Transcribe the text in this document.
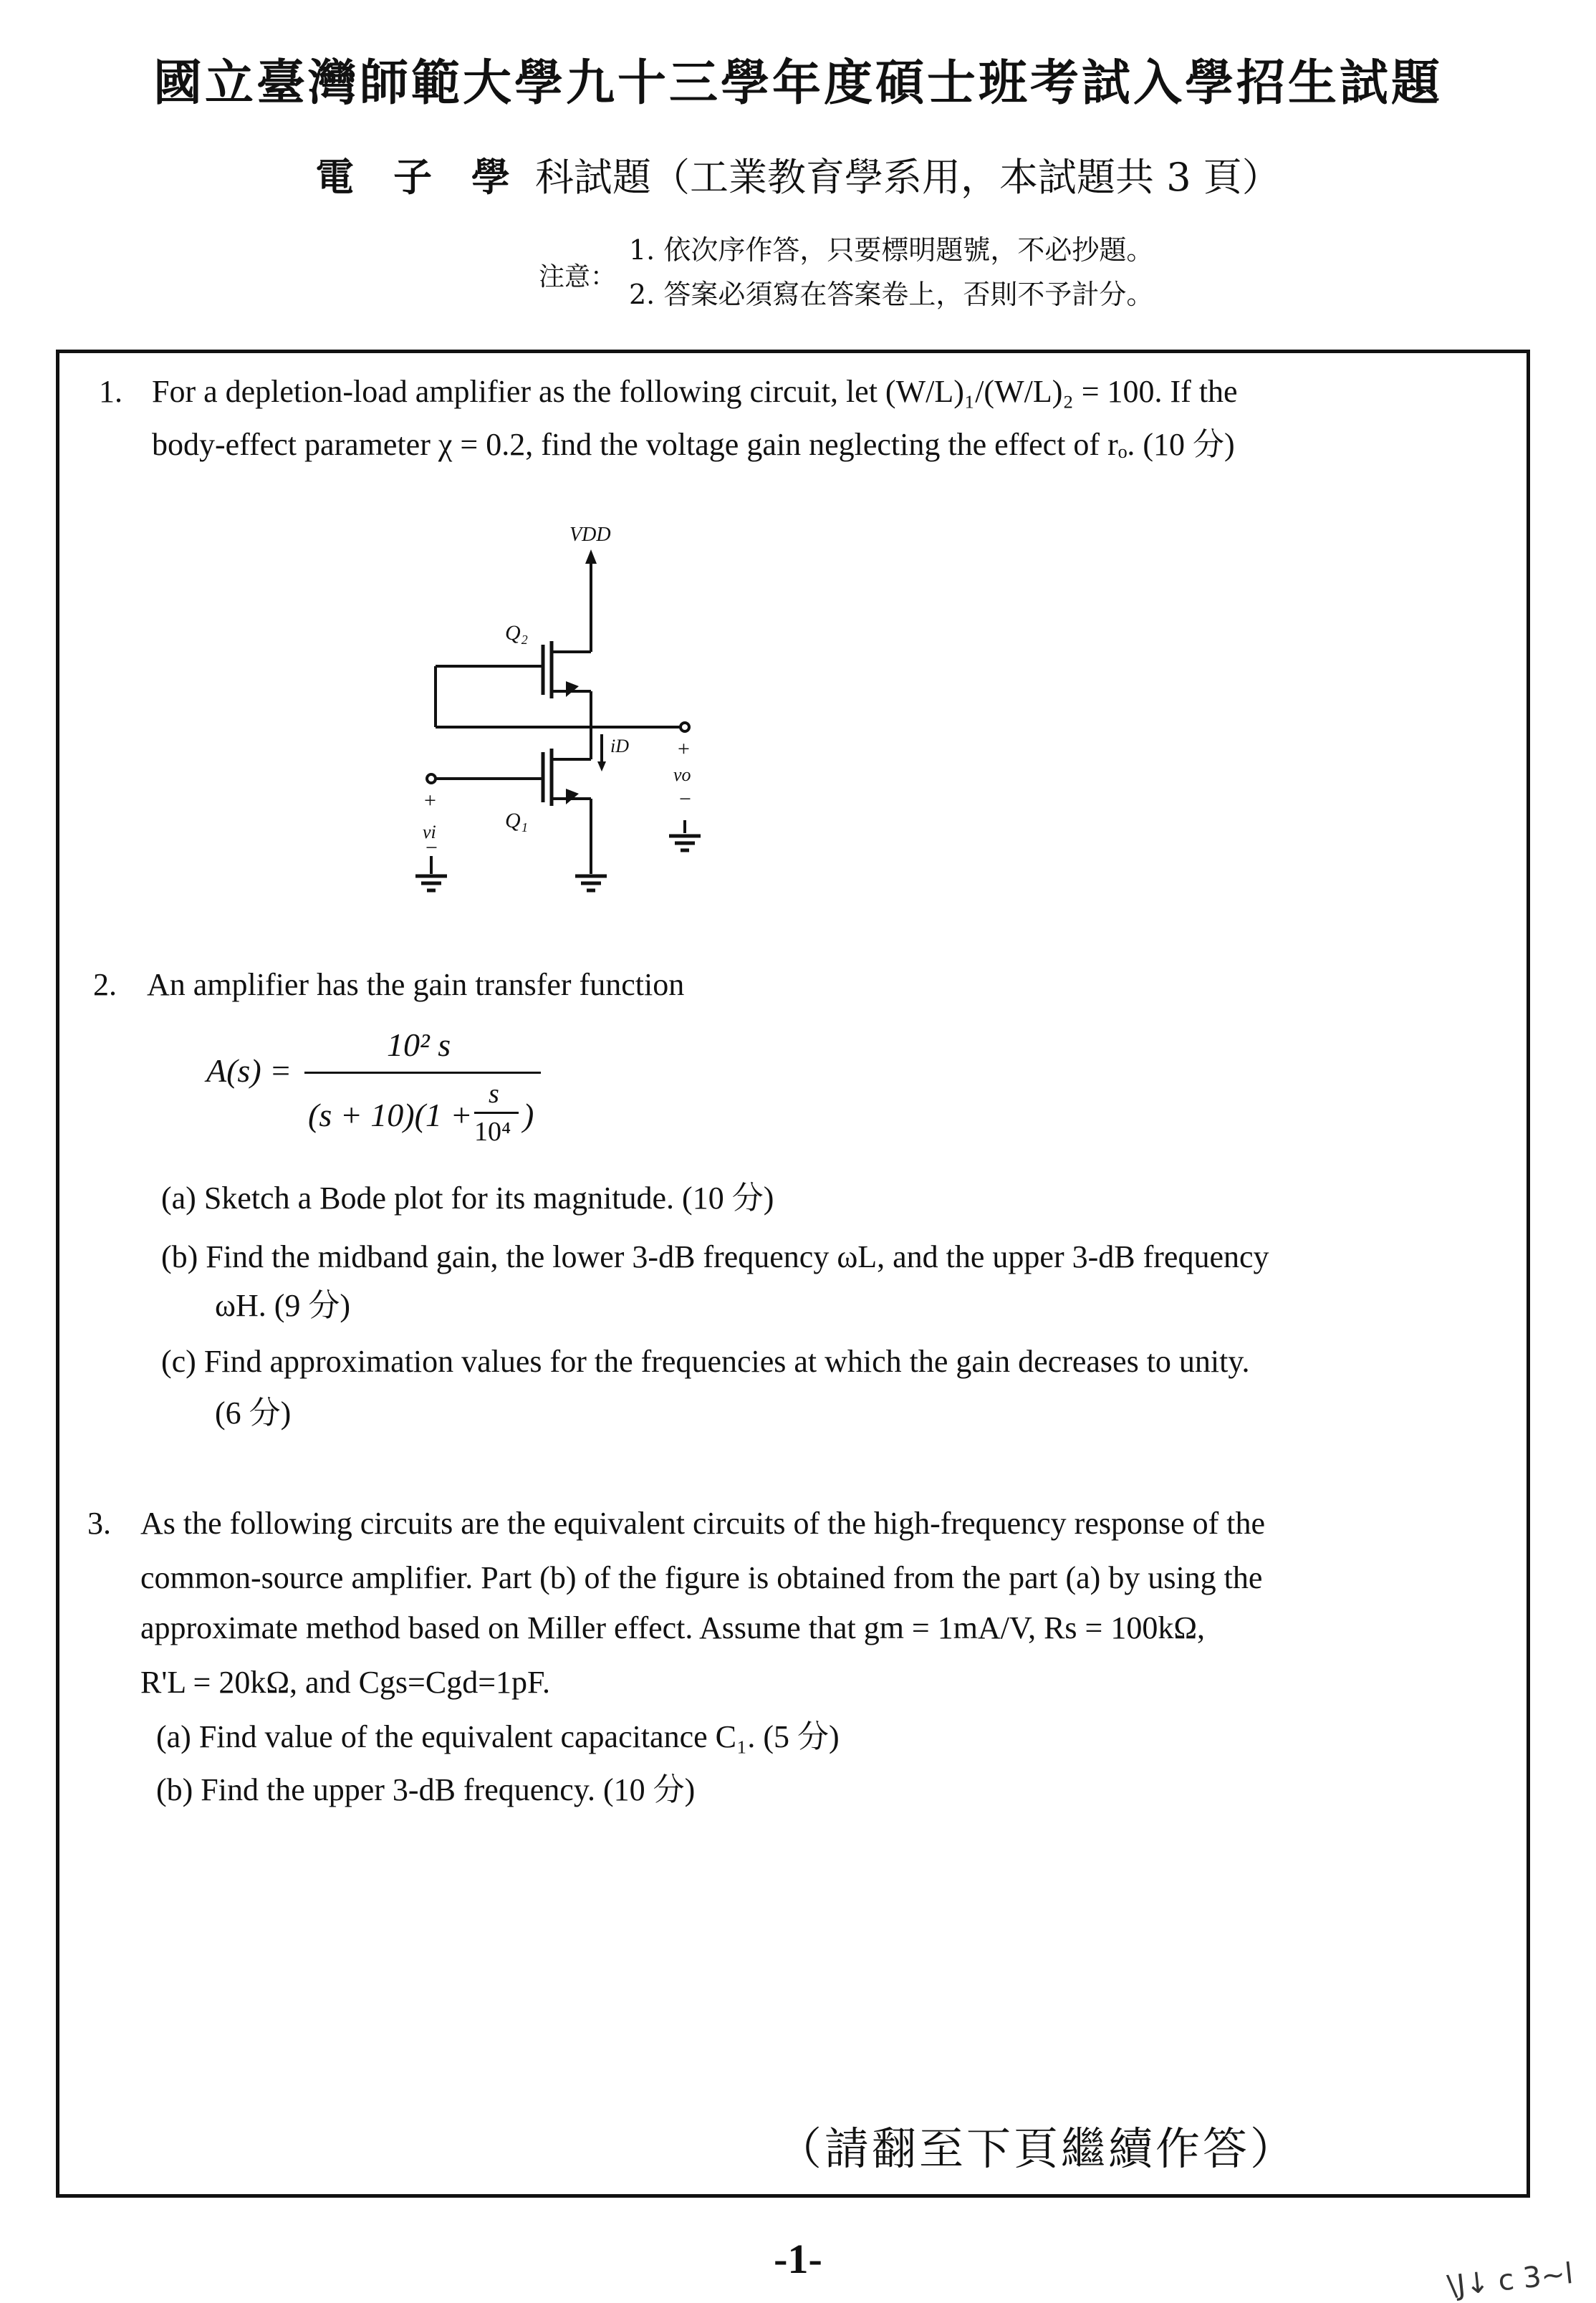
國立臺灣師範大學九十三學年度碩士班考試入學招生試題
電 子 學 科試題（工業教育學系用，本試題共 3 頁）
注意：
1. 依次序作答，只要標明題號，不必抄題。
2. 答案必須寫在答案卷上，否則不予計分。
1. For a depletion-load amplifier as the following circuit, let (W/L)₁/(W/L)₂ = 100. If the
body-effect parameter χ = 0.2, find the voltage gain neglecting the effect of rₒ. (10 分)
VDD
Q₂
Q₁
iD
vo
vi
+
−
+
−
2. An amplifier has the gain transfer function
A(s) =
10² s
(s + 10)(1 +
s
10⁴ )
(a) Sketch a Bode plot for its magnitude. (10 分)
(b) Find the midband gain, the lower 3-dB frequency ωL, and the upper 3-dB frequency
ωH. (9 分)
(c) Find approximation values for the frequencies at which the gain decreases to unity.
(6 分)
3. As the following circuits are the equivalent circuits of the high-frequency response of the
common-source amplifier. Part (b) of the figure is obtained from the part (a) by using the
approximate method based on Miller effect. Assume that gm = 1mA/V, Rs = 100kΩ,
R'L = 20kΩ, and Cgs=Cgd=1pF.
(a) Find value of the equivalent capacitance C₁. (5 分)
(b) Find the upper 3-dB frequency. (10 分)
（請翻至下頁繼續作答）
-1-	\J↓ c 3~l
